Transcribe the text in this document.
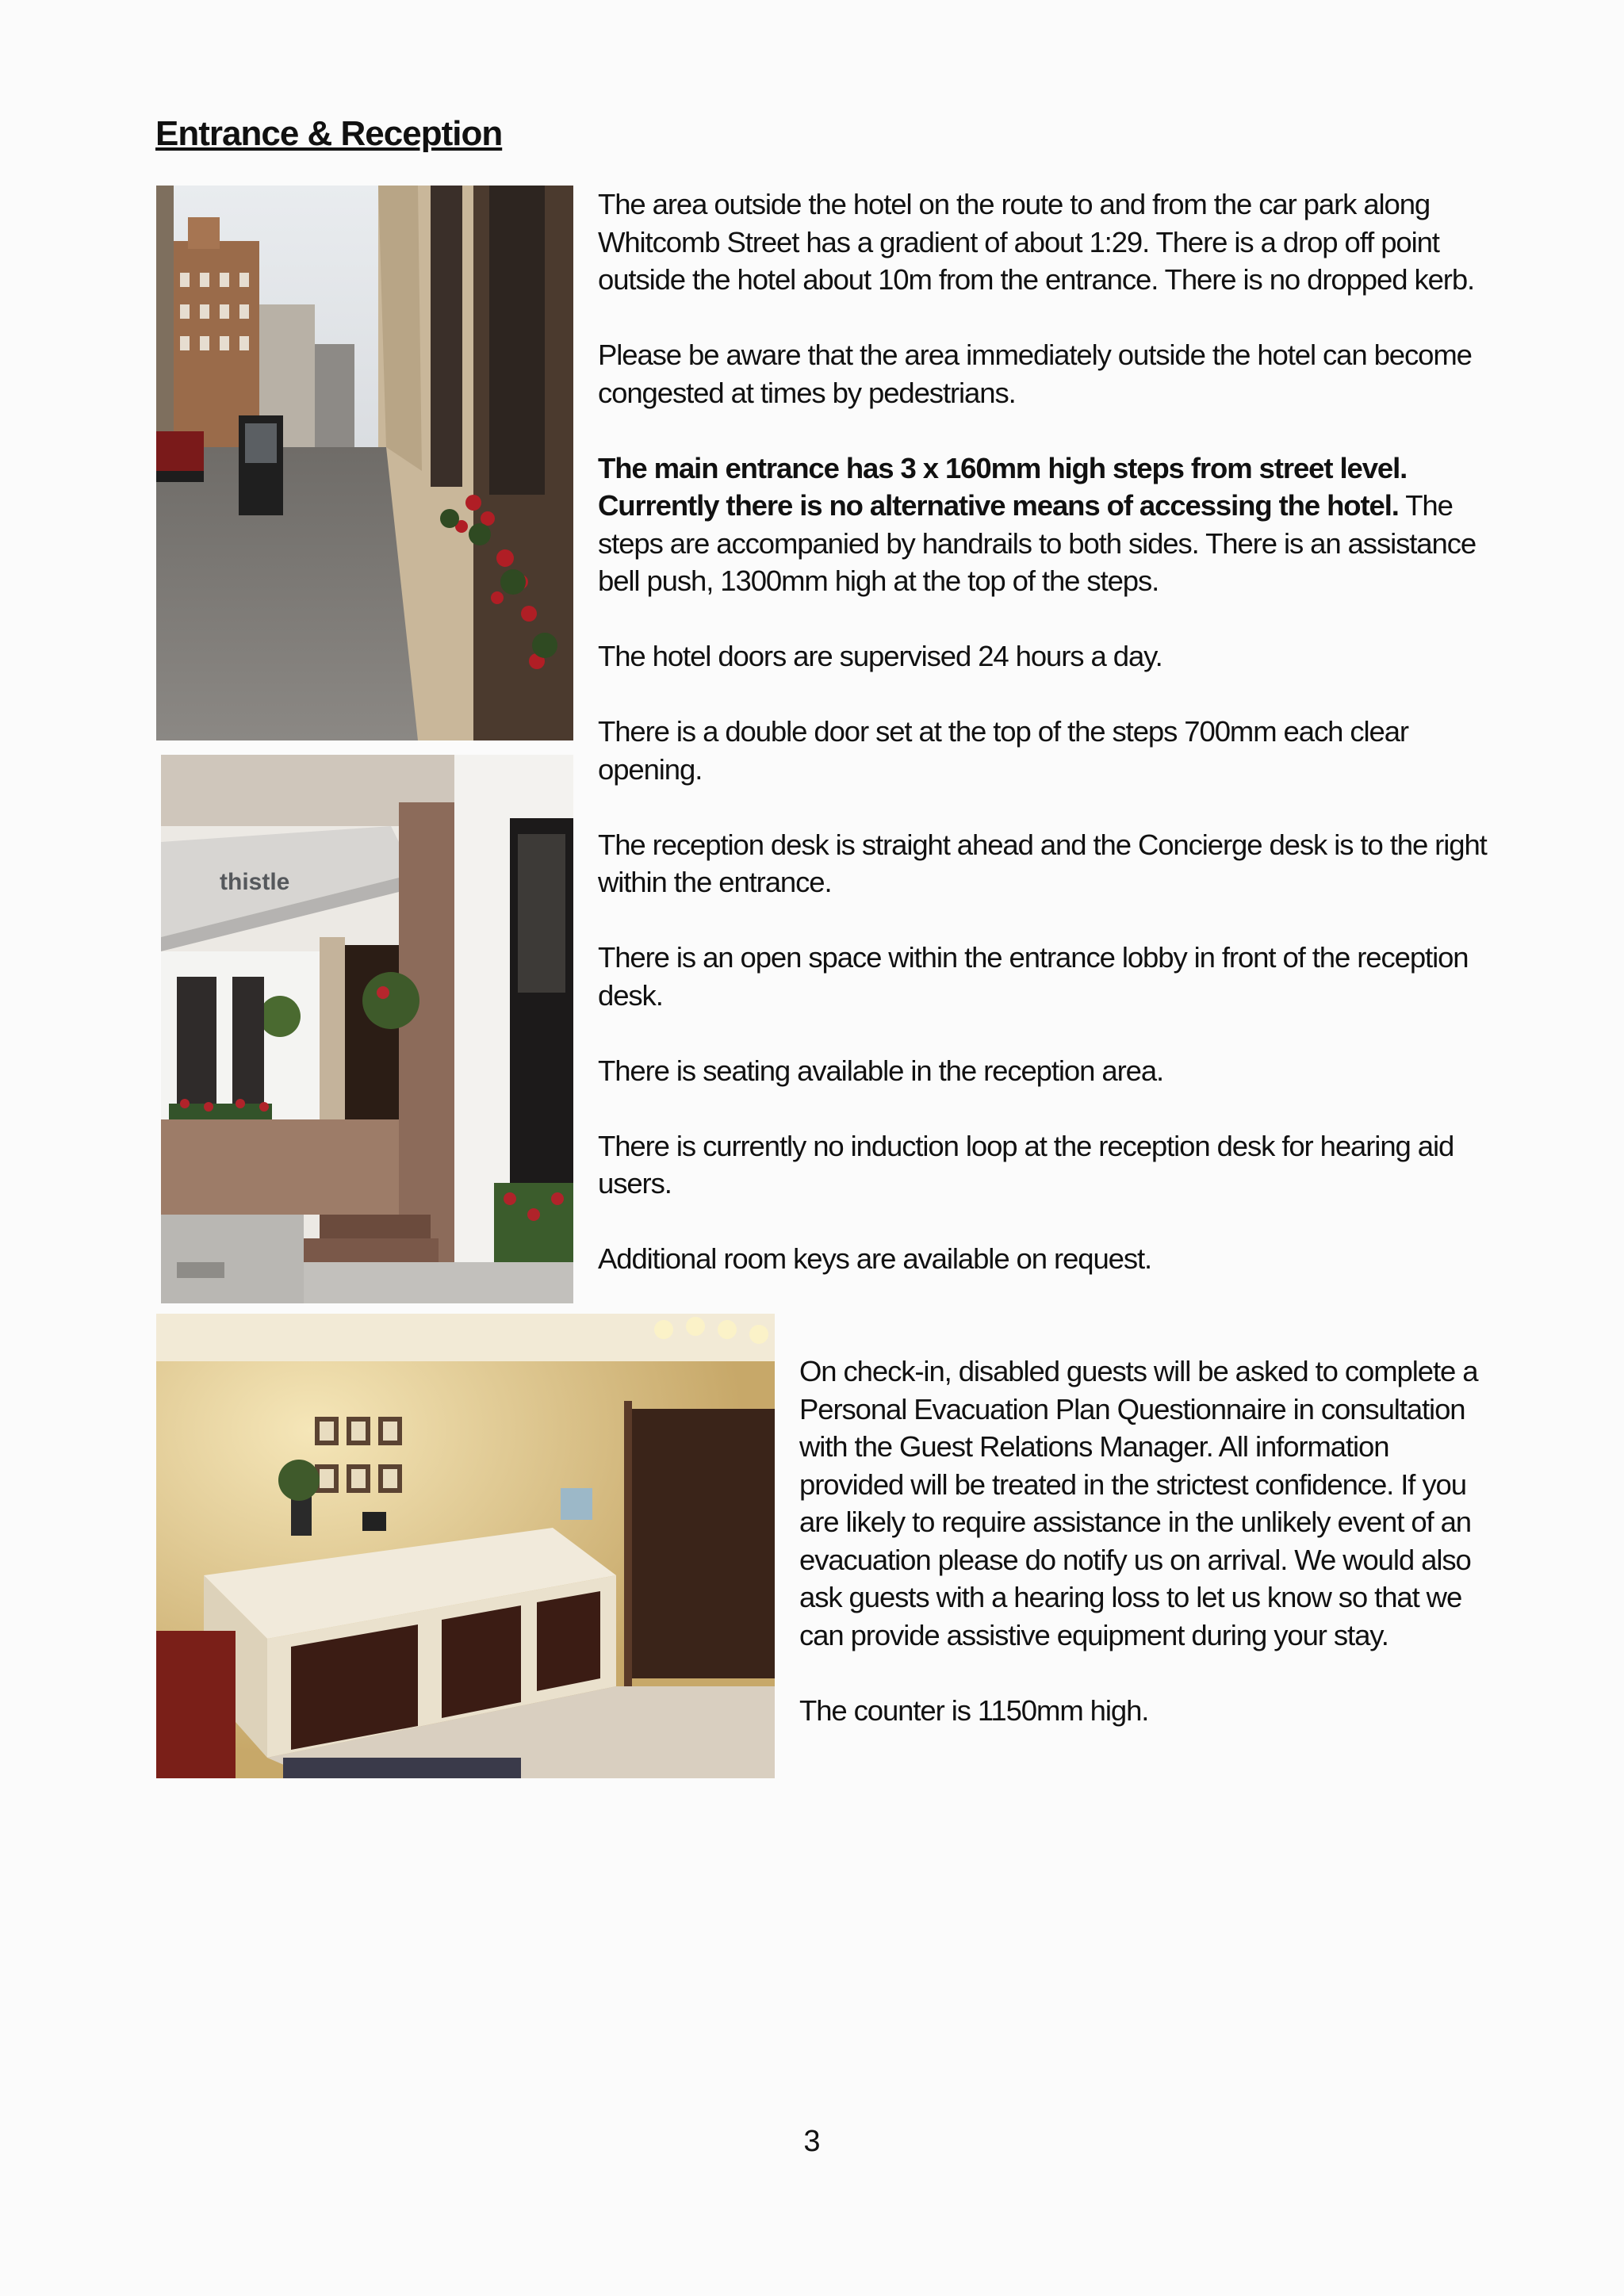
Entrance & Reception
thistle

The area outside the hotel on the route to and from the car park along Whitcomb Street has a gradient of about 1:29. There is a drop off point outside the hotel about 10m from the entrance. There is no dropped kerb.

Please be aware that the area immediately outside the hotel can become congested at times by pedestrians.

The main entrance has 3 x 160mm high steps from street level. Currently there is no alternative means of accessing the hotel. The steps are accompanied by handrails to both sides. There is an assistance bell push, 1300mm high at the top of the steps.

The hotel doors are supervised 24 hours a day.

There is a double door set at the top of the steps 700mm each clear opening.

The reception desk is straight ahead and the Concierge desk is to the right within the entrance.

There is an open space within the entrance lobby in front of the reception desk.

There is seating available in the reception area.

There is currently no induction loop at the reception desk for hearing aid users.

Additional room keys are available on request.

On check-in, disabled guests will be asked to complete a Personal Evacuation Plan Questionnaire in consultation with the Guest Relations Manager. All information provided will be treated in the strictest confidence. If you are likely to require assistance in the unlikely event of an evacuation please do notify us on arrival. We would also ask guests with a hearing loss to let us know so that we can provide assistive equipment during your stay.

The counter is 1150mm high.

3
